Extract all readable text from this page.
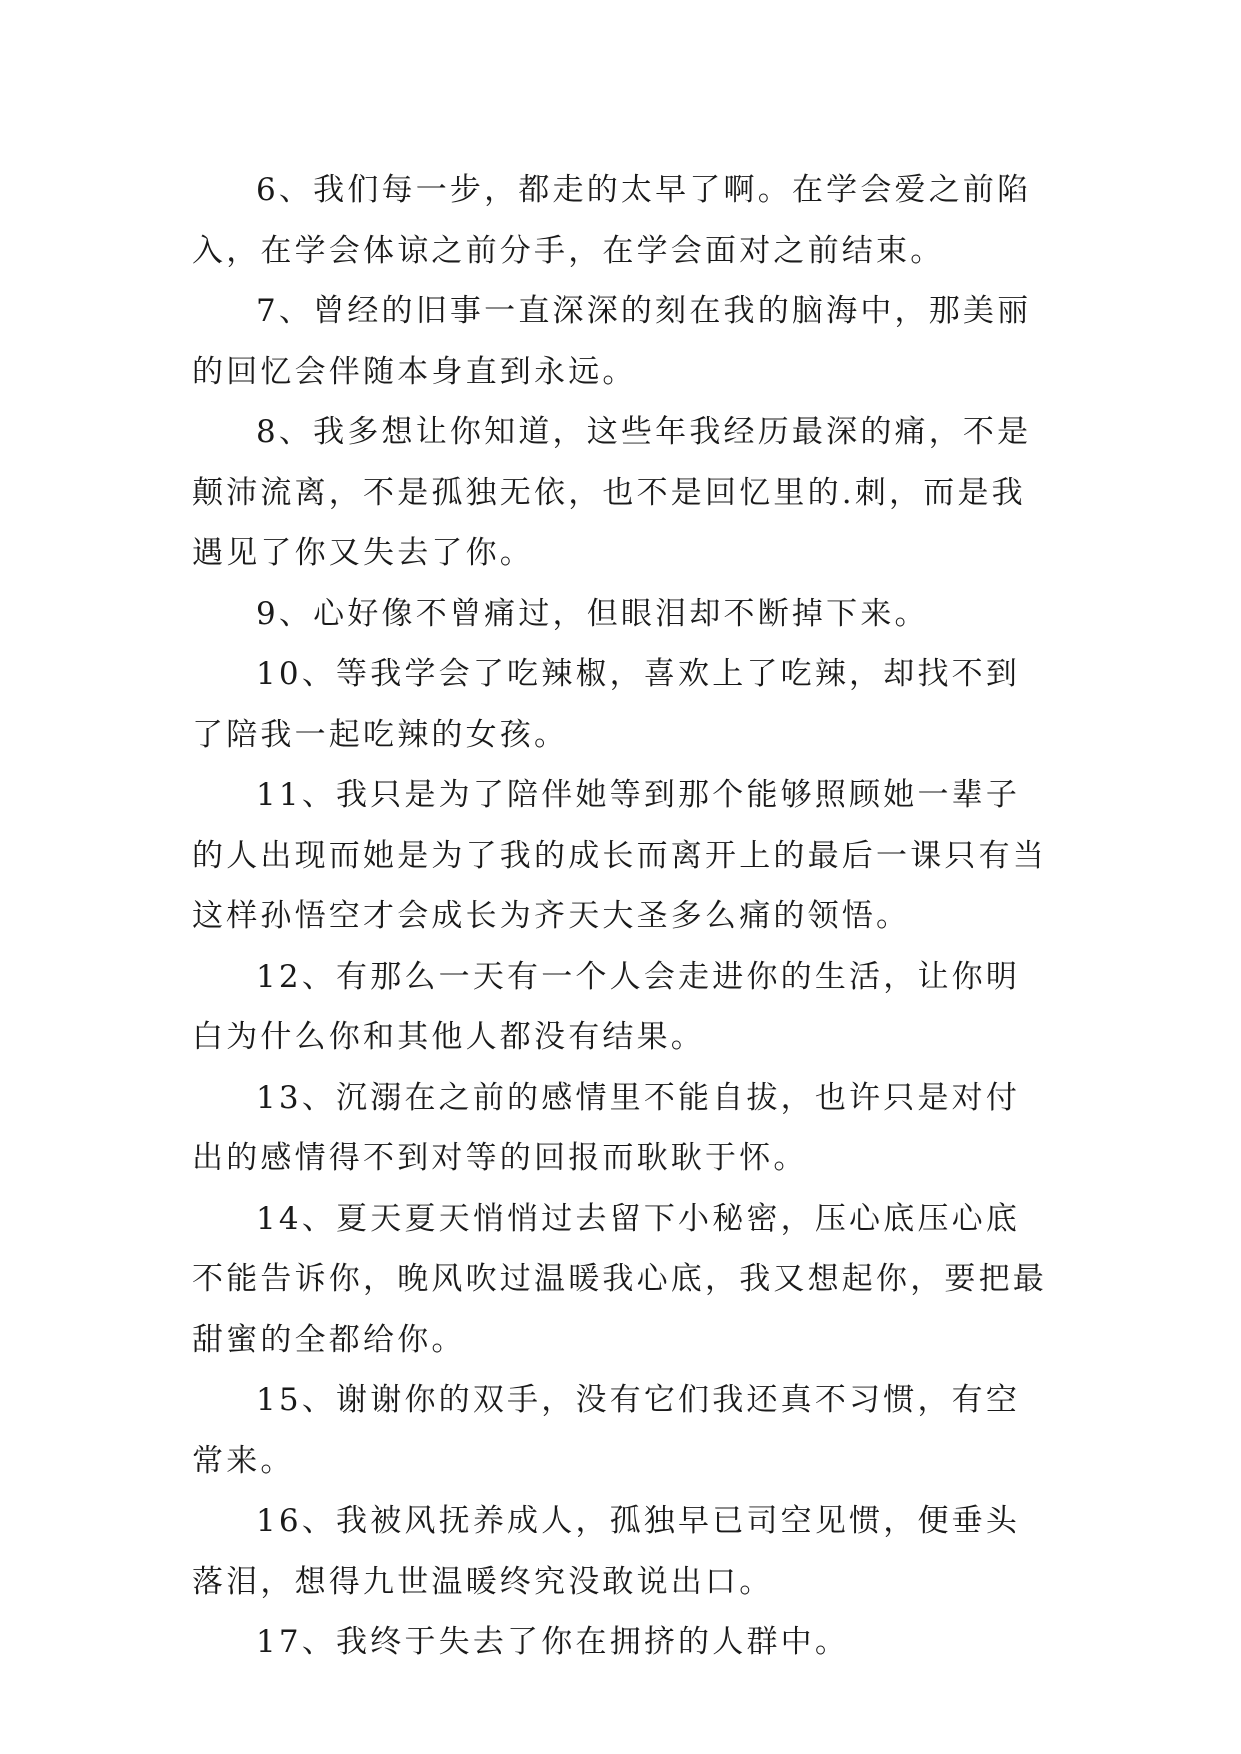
6、我们每一步，都走的太早了啊。在学会爱之前陷入，在学会体谅之前分手，在学会面对之前结束。

7、曾经的旧事一直深深的刻在我的脑海中，那美丽的回忆会伴随本身直到永远。

8、我多想让你知道，这些年我经历最深的痛，不是颠沛流离，不是孤独无依，也不是回忆里的.刺，而是我遇见了你又失去了你。

9、心好像不曾痛过，但眼泪却不断掉下来。

10、等我学会了吃辣椒，喜欢上了吃辣，却找不到了陪我一起吃辣的女孩。

11、我只是为了陪伴她等到那个能够照顾她一辈子的人出现而她是为了我的成长而离开上的最后一课只有当这样孙悟空才会成长为齐天大圣多么痛的领悟。

12、有那么一天有一个人会走进你的生活，让你明白为什么你和其他人都没有结果。

13、沉溺在之前的感情里不能自拔，也许只是对付出的感情得不到对等的回报而耿耿于怀。

14、夏天夏天悄悄过去留下小秘密，压心底压心底不能告诉你，晚风吹过温暖我心底，我又想起你，要把最甜蜜的全都给你。

15、谢谢你的双手，没有它们我还真不习惯，有空常来。

16、我被风抚养成人，孤独早已司空见惯，便垂头落泪，想得九世温暖终究没敢说出口。

17、我终于失去了你在拥挤的人群中。
